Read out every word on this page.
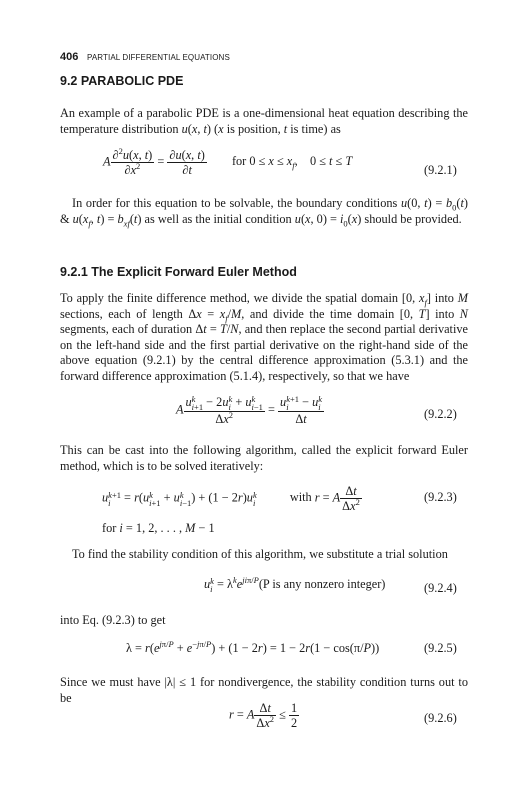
406 PARTIAL DIFFERENTIAL EQUATIONS
9.2 PARABOLIC PDE
An example of a parabolic PDE is a one-dimensional heat equation describing the temperature distribution u(x, t) (x is position, t is time) as
A $\frac{\partial^2u(x, t)}{\partial x^2} = \frac{\partial u(x, t)}{\partial t}$ for $0 \le x \le x_f$,    0 ≤ t ≤ T
(9.2.1)
In order for this equation to be solvable, the boundary conditions u(0, $t) = b_0(t)$ & $u(x_f$, $t) = b_{xf}(t)$ as well as the initial condition u(x, $0) = i_0(x)$ should be provided.
9.2.1 The Explicit Forward Euler Method
To apply the finite difference method, we divide the spatial domain [0, $x_f$] into M sections, each of length $\Delta x = x_f/M$, and divide the time domain [0, T] into N segments, each of duration Δt = T/N, and then replace the second partial derivative on the left-hand side and the first partial derivative on the right-hand side of the above equation (9.2.1) by the central difference approximation (5.3.1) and the forward difference approximation (5.1.4), respectively, so that we have
A u k
i+1 − 2u k
i + u k
i−1
$\Delta x^2 = u$ k+1
i − u k
i
Δt	(9.2.2)
This can be cast into the following algorithm, called the explicit forward Euler method, which is to be solved iteratively:
u k+1
i = r(u k
i+1 + u k
i−1 ) + (1 − 2r)u k
i	with r = A $\frac{\Delta t}{\Delta x^2}$	(9.2.3)
for i = 1, 2, . . . , M − 1
To find the stability condition of this algorithm, we substitute a trial solution
u k
$i = \lambda^ke^{ji\pi/P}(P$ is any nonzero integer)	(9.2.4)
into Eq. (9.2.3) to get
$\lambda = r(e^{j\pi/P} + e^{-j\pi/P}) + (1 - 2r) = 1 - 2r(1 - \cos(\pi/P))$	(9.2.5)
Since we must have |λ| ≤ 1 for nondivergence, the stability condition turns out to be
r = A $\frac{\Delta t}{\Delta x^2} \le \frac{1}{2}$	(9.2.6)
